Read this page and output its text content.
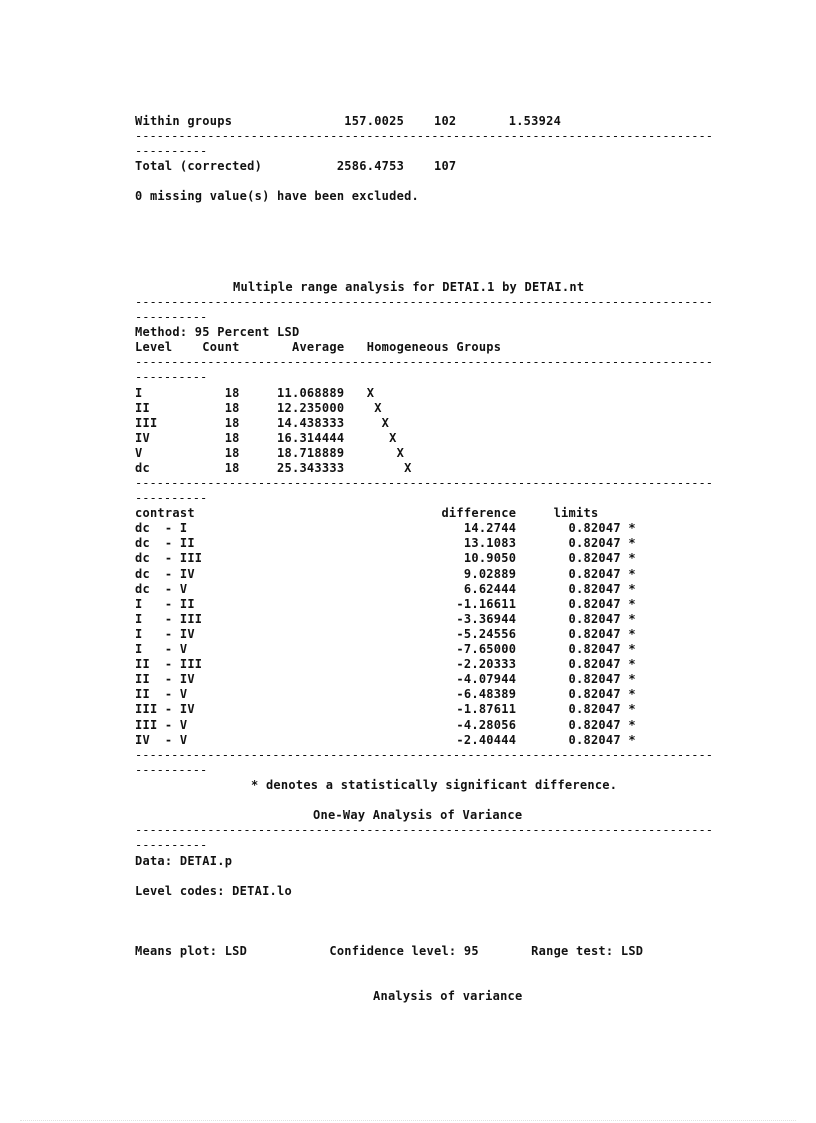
Within groups               157.0025    102       1.53924
--------------------------------------------------------------------------------
----------
Total (corrected)          2586.4753    107
0 missing value(s) have been excluded.
Multiple range analysis for DETAI.1 by DETAI.nt
--------------------------------------------------------------------------------
----------
Method: 95 Percent LSD
Level    Count       Average   Homogeneous Groups
--------------------------------------------------------------------------------
----------
I           18     11.068889   X
II          18     12.235000    X
III         18     14.438333     X
IV          18     16.314444      X
V           18     18.718889       X
dc          18     25.343333        X
--------------------------------------------------------------------------------
----------
contrast                                 difference     limits
dc  - I                                     14.2744       0.82047 *
dc  - II                                    13.1083       0.82047 *
dc  - III                                   10.9050       0.82047 *
dc  - IV                                    9.02889       0.82047 *
dc  - V                                     6.62444       0.82047 *
I   - II                                   -1.16611       0.82047 *
I   - III                                  -3.36944       0.82047 *
I   - IV                                   -5.24556       0.82047 *
I   - V                                    -7.65000       0.82047 *
II  - III                                  -2.20333       0.82047 *
II  - IV                                   -4.07944       0.82047 *
II  - V                                    -6.48389       0.82047 *
III - IV                                   -1.87611       0.82047 *
III - V                                    -4.28056       0.82047 *
IV  - V                                    -2.40444       0.82047 *
--------------------------------------------------------------------------------
----------
* denotes a statistically significant difference.
One-Way Analysis of Variance
--------------------------------------------------------------------------------
----------
Data: DETAI.p
Level codes: DETAI.lo
Means plot: LSD           Confidence level: 95       Range test: LSD
Analysis of variance
